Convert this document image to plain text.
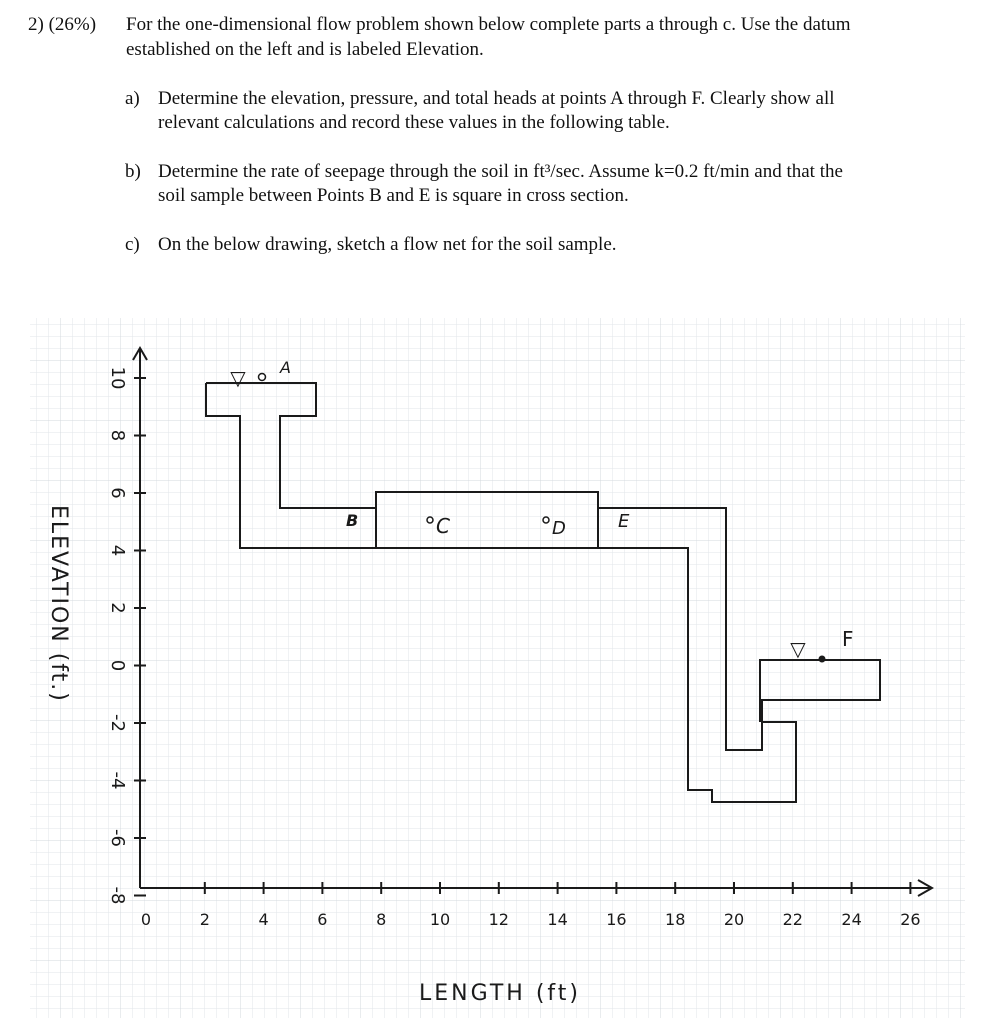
2) (26%) For the one-dimensional flow problem shown below complete parts a through c. Use the datum
established on the left and is labeled Elevation.
a) Determine the elevation, pressure, and total heads at points A through F. Clearly show all
relevant calculations and record these values in the following table.
b) Determine the rate of seepage through the soil in ft³/sec. Assume k=0.2 ft/min and that the
soil sample between Points B and E is square in cross section.
c) On the below drawing, sketch a flow net for the soil sample.
10
8
6
4
2
0
-2
-4
-6
-8
0	2	4	6	8	10 12 14 16 18 20 22 24 26
▽
▽
A
B	C	D	E
F
ELEVATION (ft.)
LENGTH (ft)
